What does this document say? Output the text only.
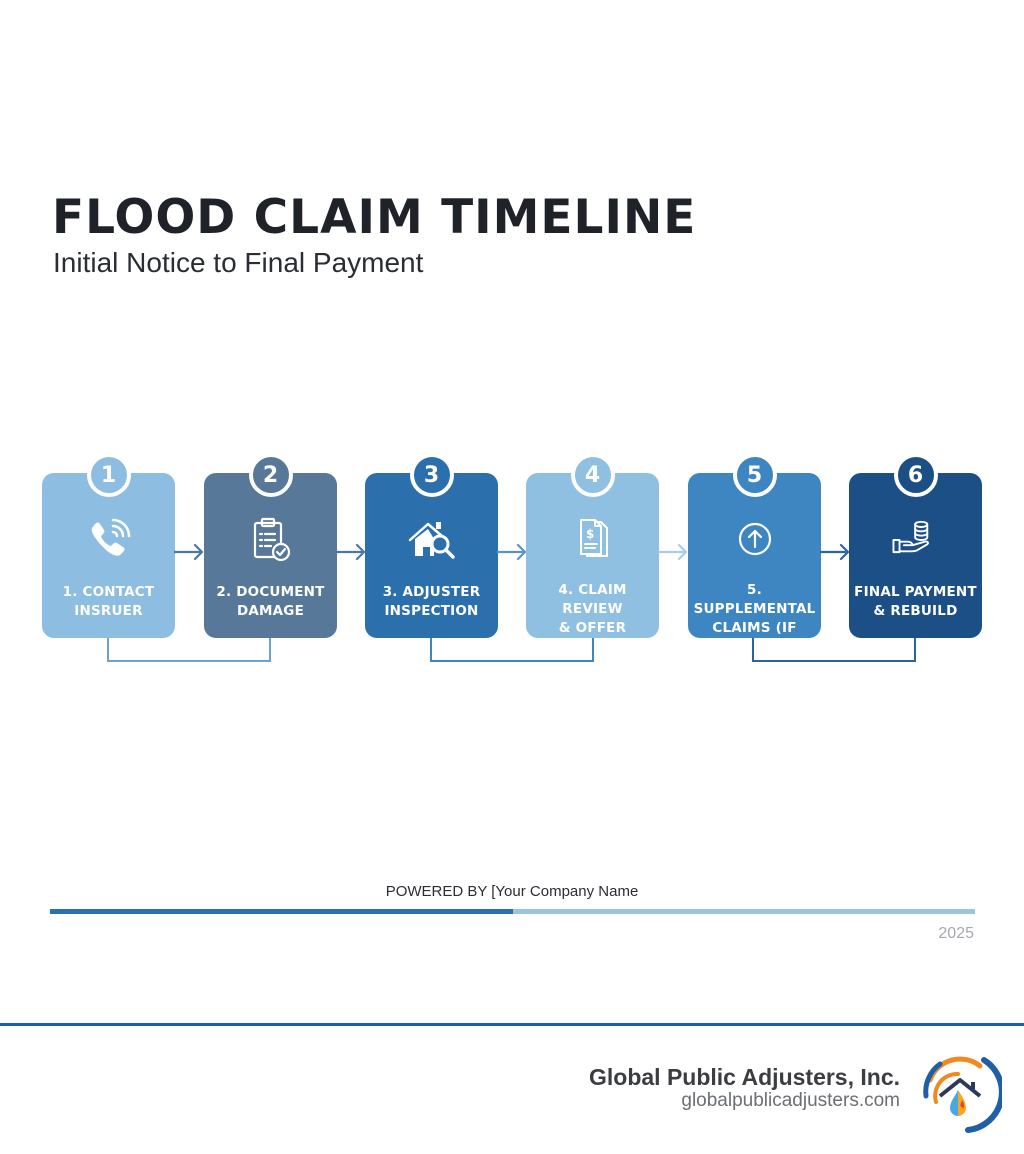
FLOOD CLAIM TIMELINE
Initial Notice to Final Payment
1
1. CONTACT
INSRUER
2
2. DOCUMENT
DAMAGE
3
3. ADJUSTER
INSPECTION
4
$
4. CLAIM REVIEW
& OFFER
5
5. SUPPLEMENTAL
CLAIMS (IF ANY)
6
FINAL PAYMENT
& REBUILD
POWERED BY [Your Company Name
2025
Global Public Adjusters, Inc.
globalpublicadjusters.com
